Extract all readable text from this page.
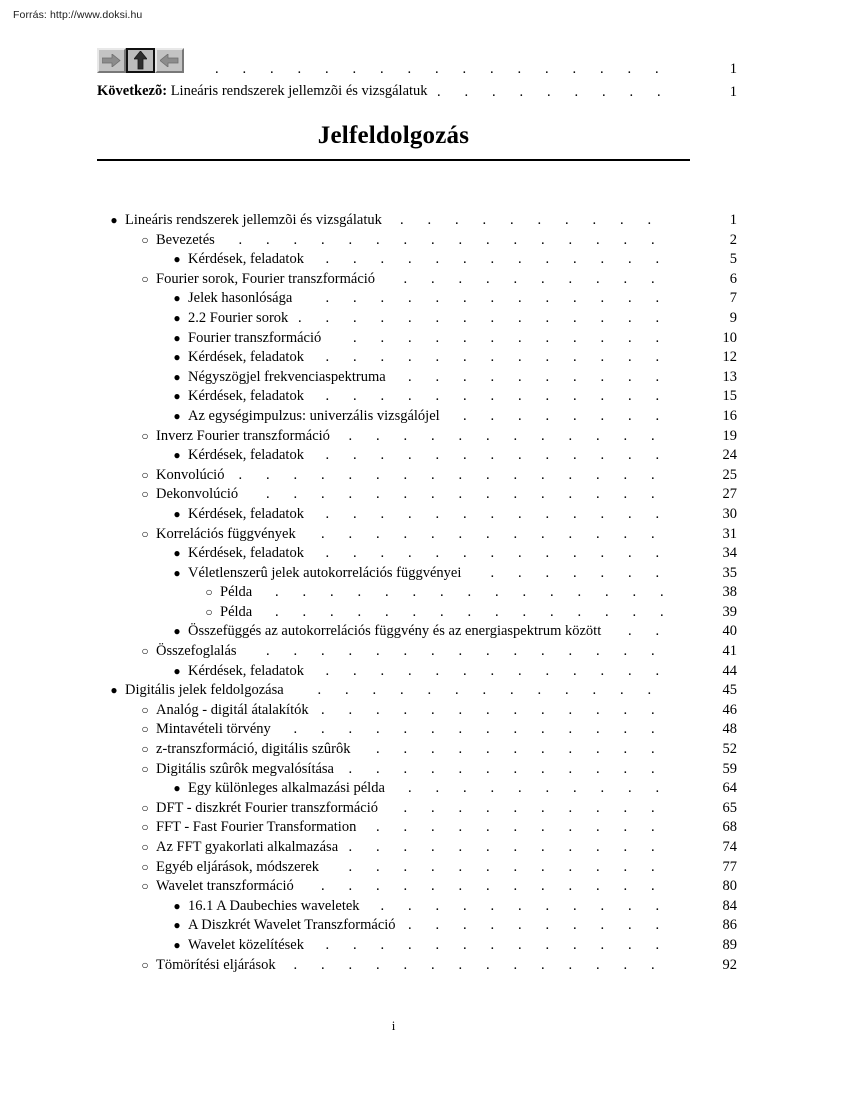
Forrás: http://www.doksi.hu
. . . . . . . . . . . . . . . . .	1
Következõ: Lineáris rendszerek jellemzõi és vizsgálatuk . . . . . . . . .	1
Jelfeldolgozás
● Lineáris rendszerek jellemzõi és vizsgálatuk	. . . . . . . . . .	1
○ Bevezetés	. . . . . . . . . . . . . . . .	2
● Kérdések, feladatok	. . . . . . . . . . . . .	5
○ Fourier sorok, Fourier transzformáció	. . . . . . . . . .	6
● Jelek hasonlósága	. . . . . . . . . . . . .	7
● 2.2 Fourier sorok . . . . . . . . . . . . . .	9
● Fourier transzformáció	. . . . . . . . . . . .	10
● Kérdések, feladatok	. . . . . . . . . . . . .	12
● Négyszögjel frekvenciaspektruma	. . . . . . . . . .	13
● Kérdések, feladatok	. . . . . . . . . . . . .	15
● Az egységimpulzus: univerzális vizsgálójel	. . . . . . . .	16
○ Inverz Fourier transzformáció	. . . . . . . . . . . .	19
● Kérdések, feladatok	. . . . . . . . . . . . .	24
○ Konvolúció . . . . . . . . . . . . . . . .	25
○ Dekonvolúció	. . . . . . . . . . . . . . .	27
● Kérdések, feladatok	. . . . . . . . . . . . .	30
○ Korrelációs függvények	. . . . . . . . . . . . .	31
● Kérdések, feladatok	. . . . . . . . . . . . .	34
● Véletlenszerû jelek autokorrelációs függvényei	. . . . . . .	35
○ Példa	. . . . . . . . . . . . . . .	38
○ Példa	. . . . . . . . . . . . . . .	39
● Összefüggés az autokorrelációs függvény és az energiaspektrum között	. .	40
○ Összefoglalás	. . . . . . . . . . . . . . .	41
● Kérdések, feladatok	. . . . . . . . . . . . .	44
● Digitális jelek feldolgozása	. . . . . . . . . . . . .	45
○ Analóg - digitál átalakítók . . . . . . . . . . . . .	46
○ Mintavételi törvény	. . . . . . . . . . . . . .	48
○ z-transzformáció, digitális szûrôk	. . . . . . . . . . .	52
○ Digitális szûrôk megvalósítása	. . . . . . . . . . . .	59
● Egy különleges alkalmazási példa	. . . . . . . . . .	64
○ DFT - diszkrét Fourier transzformáció	. . . . . . . . . .	65
○ FFT - Fast Fourier Transformation	. . . . . . . . . . .	68
○ Az FFT gyakorlati alkalmazása . . . . . . . . . . . .	74
○ Egyéb eljárások, módszerek	. . . . . . . . . . . .	77
○ Wavelet transzformáció	. . . . . . . . . . . . .	80
● 16.1 A Daubechies waveletek	. . . . . . . . . . .	84
● A Diszkrét Wavelet Transzformáció . . . . . . . . . .	86
● Wavelet közelítések	. . . . . . . . . . . . .	89
○ Tömörítési eljárások	. . . . . . . . . . . . . .	92
i
